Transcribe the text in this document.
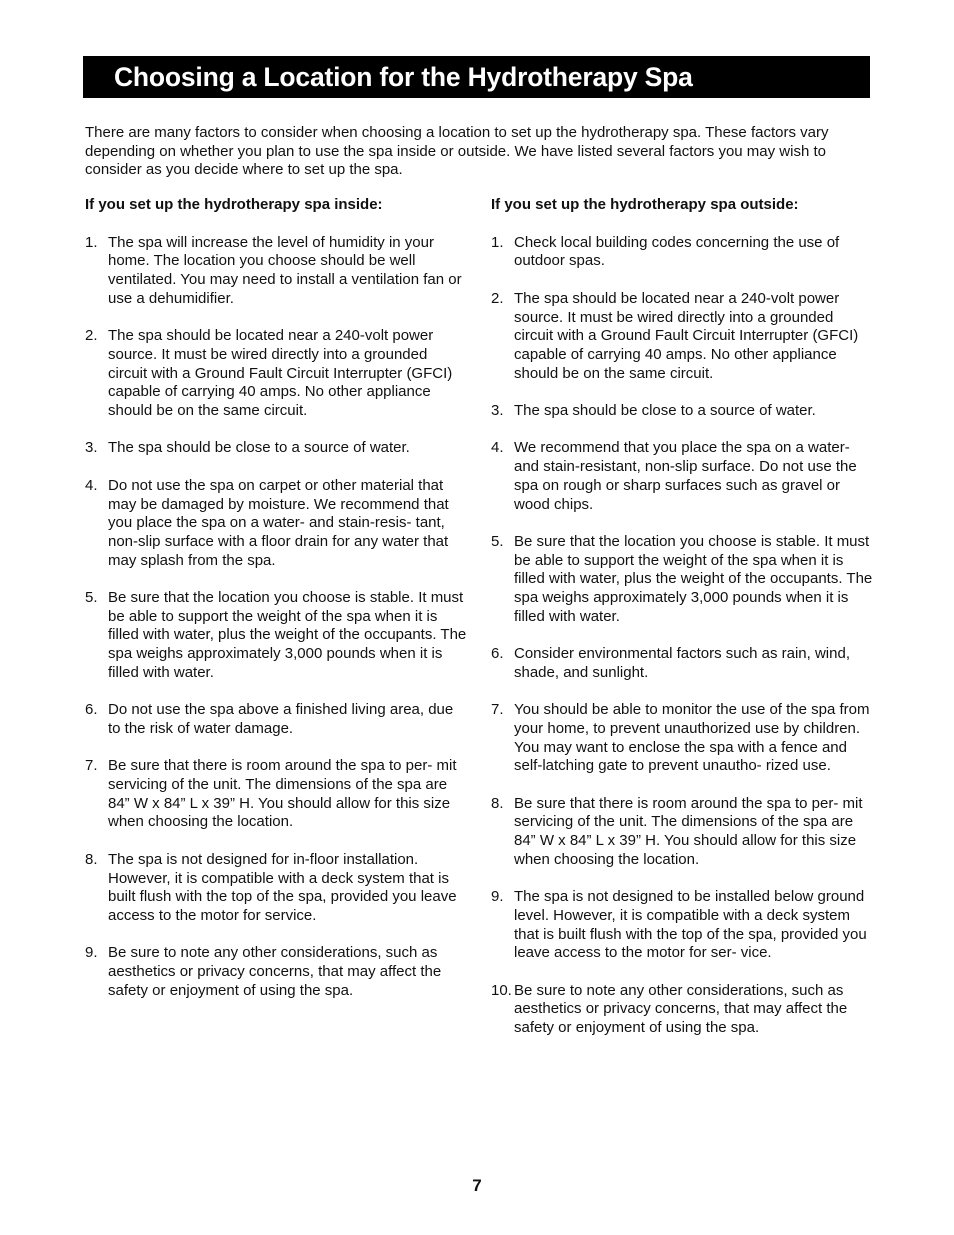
Choosing a Location for the Hydrotherapy Spa

There are many factors to consider when choosing a location to set up the hydrotherapy spa. These factors vary depending on whether you plan to use the spa inside or outside. We have listed several factors you may wish to consider as you decide where to set up the spa.

If you set up the hydrotherapy spa inside:
1. The spa will increase the level of humidity in your home. The location you choose should be well ventilated. You may need to install a ventilation fan or use a dehumidifier.
2. The spa should be located near a 240-volt power source. It must be wired directly into a grounded circuit with a Ground Fault Circuit Interrupter (GFCI) capable of carrying 40 amps. No other appliance should be on the same circuit.
3. The spa should be close to a source of water.
4. Do not use the spa on carpet or other material that may be damaged by moisture. We recommend that you place the spa on a water- and stain-resis- tant, non-slip surface with a floor drain for any water that may splash from the spa.
5. Be sure that the location you choose is stable. It must be able to support the weight of the spa when it is filled with water, plus the weight of the occupants. The spa weighs approximately 3,000 pounds when it is filled with water.
6. Do not use the spa above a finished living area, due to the risk of water damage.
7. Be sure that there is room around the spa to per- mit servicing of the unit. The dimensions of the spa are 84” W x 84” L x 39” H. You should allow for this size when choosing the location.
8. The spa is not designed for in-floor installation. However, it is compatible with a deck system that is built flush with the top of the spa, provided you leave access to the motor for service.
9. Be sure to note any other considerations, such as aesthetics or privacy concerns, that may affect the safety or enjoyment of using the spa.
If you set up the hydrotherapy spa outside:
1. Check local building codes concerning the use of outdoor spas.
2. The spa should be located near a 240-volt power source. It must be wired directly into a grounded circuit with a Ground Fault Circuit Interrupter (GFCI) capable of carrying 40 amps. No other appliance should be on the same circuit.
3. The spa should be close to a source of water.
4. We recommend that you place the spa on a water- and stain-resistant, non-slip surface. Do not use the spa on rough or sharp surfaces such as gravel or wood chips.
5. Be sure that the location you choose is stable. It must be able to support the weight of the spa when it is filled with water, plus the weight of the occupants. The spa weighs approximately 3,000 pounds when it is filled with water.
6. Consider environmental factors such as rain, wind, shade, and sunlight.
7. You should be able to monitor the use of the spa from your home, to prevent unauthorized use by children. You may want to enclose the spa with a fence and self-latching gate to prevent unautho- rized use.
8. Be sure that there is room around the spa to per- mit servicing of the unit. The dimensions of the spa are 84” W x 84” L x 39” H. You should allow for this size when choosing the location.
9. The spa is not designed to be installed below ground level. However, it is compatible with a deck system that is built flush with the top of the spa, provided you leave access to the motor for ser- vice.
10. Be sure to note any other considerations, such as aesthetics or privacy concerns, that may affect the safety or enjoyment of using the spa.
7
